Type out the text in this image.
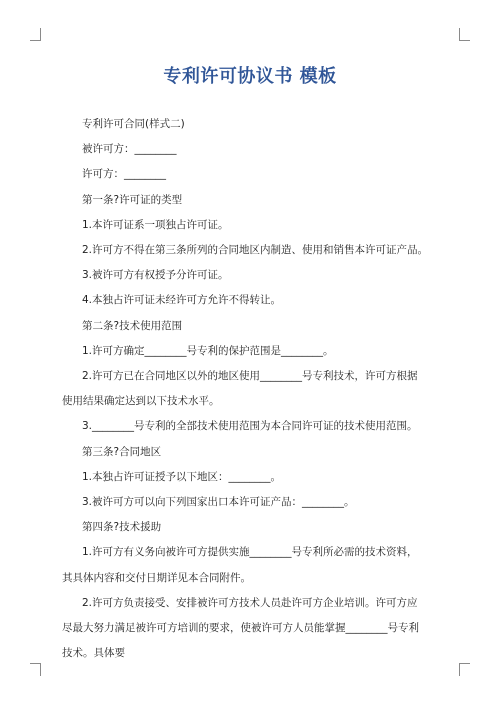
专利许可协议书 模板

专利许可合同(样式二)

被许可方：________

许可方：________

第一条?许可证的类型

1.本许可证系一项独占许可证。

2.许可方不得在第三条所列的合同地区内制造、使用和销售本许可证产品。

3.被许可方有权授予分许可证。

4.本独占许可证未经许可方允许不得转让。

第二条?技术使用范围

1.许可方确定________号专利的保护范围是________。

2.许可方已在合同地区以外的地区使用________号专利技术，许可方根据使用结果确定达到以下技术水平。

3.________号专利的全部技术使用范围为本合同许可证的技术使用范围。

第三条?合同地区

1.本独占许可证授予以下地区：________。

3.被许可方可以向下列国家出口本许可证产品：________。

第四条?技术援助

1.许可方有义务向被许可方提供实施________号专利所必需的技术资料，其具体内容和交付日期详见本合同附件。

2.许可方负责接受、安排被许可方技术人员赴许可方企业培训。许可方应尽最大努力满足被许可方培训的要求，使被许可方人员能掌握________号专利技术。具体要
